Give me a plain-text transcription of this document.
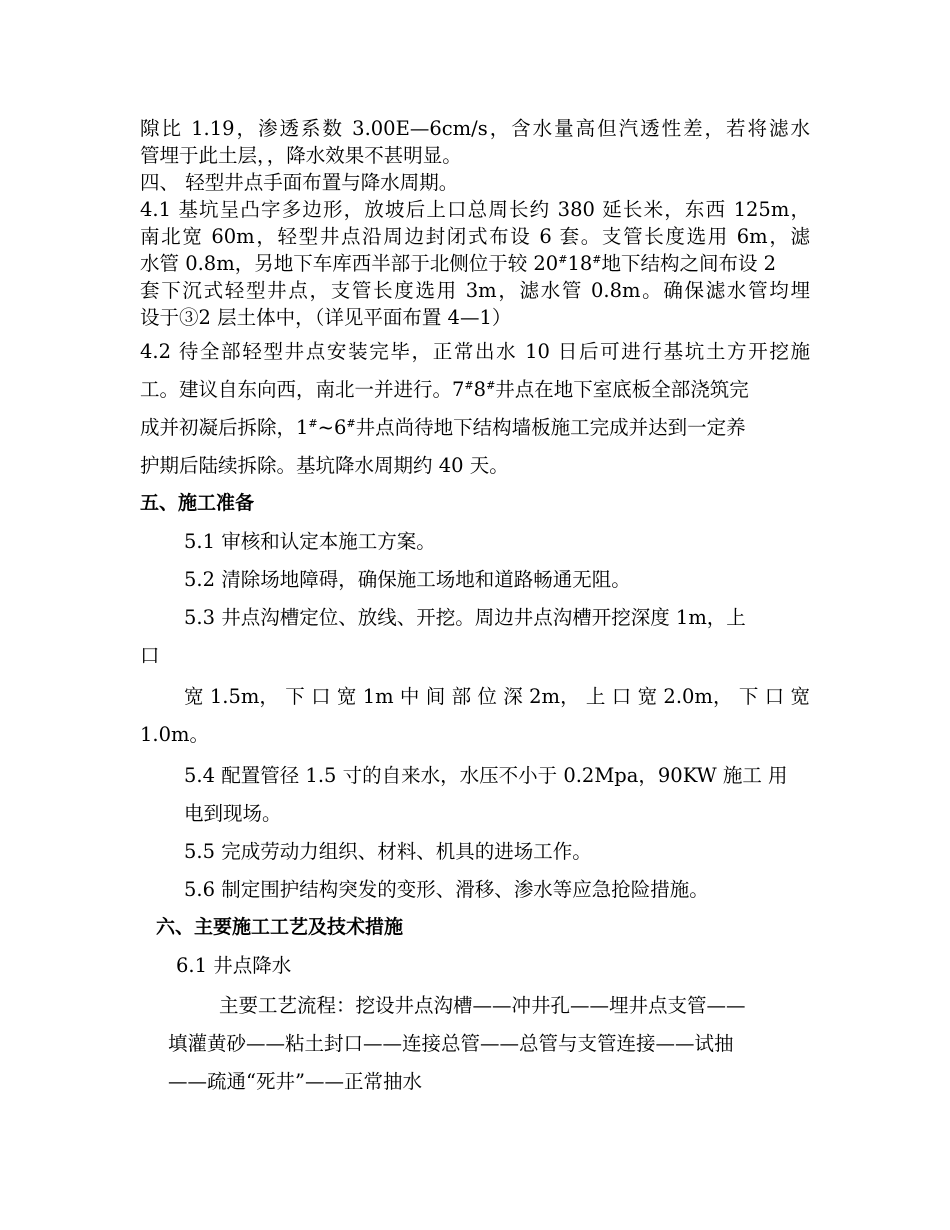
隙比 1.19，渗透系数 3.00E—6cm/s，含水量高但汽透性差，若将滤水
管埋于此土层，，降水效果不甚明显。
四、 轻型井点手面布置与降水周期。
4.1 基坑呈凸字多边形，放坡后上口总周长约 380 延长米，东西 125m，
南北宽 60m，轻型井点沿周边封闭式布设 6 套。支管长度选用 6m，滤
水管 0.8m，另地下车库西半部于北侧位于较 20#18#地下结构之间布设 2
套下沉式轻型井点，支管长度选用 3m，滤水管 0.8m。确保滤水管均埋
设于③2 层土体中，（详见平面布置 4—1）
4.2 待全部轻型井点安装完毕，正常出水 10 日后可进行基坑土方开挖施
工。建议自东向西，南北一并进行。7#8#井点在地下室底板全部浇筑完
成并初凝后拆除，1#~6#井点尚待地下结构墙板施工完成并达到一定养
护期后陆续拆除。基坑降水周期约 40 天。
五、施工准备
5.1 审核和认定本施工方案。
5.2 清除场地障碍，确保施工场地和道路畅通无阻。
5.3 井点沟槽定位、放线、开挖。周边井点沟槽开挖深度 1m，上
口
宽 1.5m， 下 口 宽 1m 中 间 部 位 深 2m， 上 口 宽 2.0m， 下 口 宽
1.0m。
5.4 配置管径 1.5 寸的自来水，水压不小于 0.2Mpa，90KW 施工 用
电到现场。
5.5 完成劳动力组织、材料、机具的进场工作。
5.6 制定围护结构突发的变形、滑移、渗水等应急抢险措施。
六、主要施工工艺及技术措施
6.1 井点降水
主要工艺流程：挖设井点沟槽——冲井孔——埋井点支管——
填灌黄砂——粘土封口——连接总管——总管与支管连接——试抽
——疏通“死井”——正常抽水
